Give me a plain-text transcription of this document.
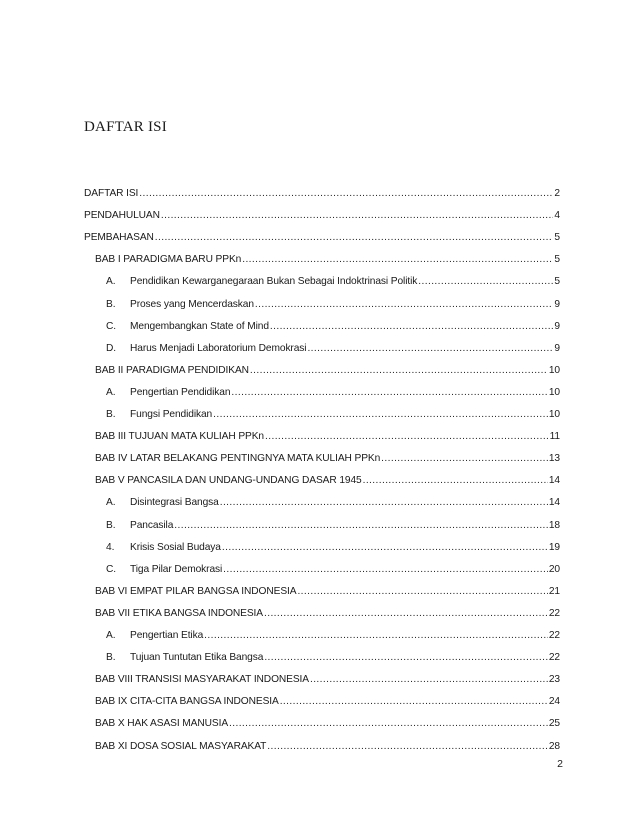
DAFTAR ISI
DAFTAR ISI .....	2
PENDAHULUAN .....	4
PEMBAHASAN .....	5
BAB I PARADIGMA BARU PPKn .....	5
A.	Pendidikan Kewarganegaraan Bukan Sebagai Indoktrinasi Politik .....	5
B.	Proses yang Mencerdaskan .....	9
C.	Mengembangkan State of Mind .....	9
D.	Harus Menjadi Laboratorium Demokrasi .....	9
BAB II PARADIGMA PENDIDIKAN .....	10
A.	Pengertian Pendidikan .....	10
B.	Fungsi Pendidikan .....	10
BAB III TUJUAN MATA KULIAH PPKn .....	11
BAB IV LATAR BELAKANG PENTINGNYA MATA KULIAH PPKn .....	13
BAB V PANCASILA DAN UNDANG-UNDANG DASAR 1945 .....	14
A.	Disintegrasi Bangsa .....	14
B.	Pancasila .....	18
4.	Krisis Sosial Budaya .....	19
C.	Tiga Pilar Demokrasi .....	20
BAB VI EMPAT PILAR BANGSA INDONESIA .....	21
BAB VII ETIKA BANGSA INDONESIA .....	22
A.	Pengertian Etika .....	22
B.	Tujuan Tuntutan Etika Bangsa .....	22
BAB VIII TRANSISI MASYARAKAT INDONESIA .....	23
BAB IX CITA-CITA BANGSA INDONESIA .....	24
BAB X HAK ASASI MANUSIA .....	25
BAB XI DOSA SOSIAL MASYARAKAT .....	28
2
